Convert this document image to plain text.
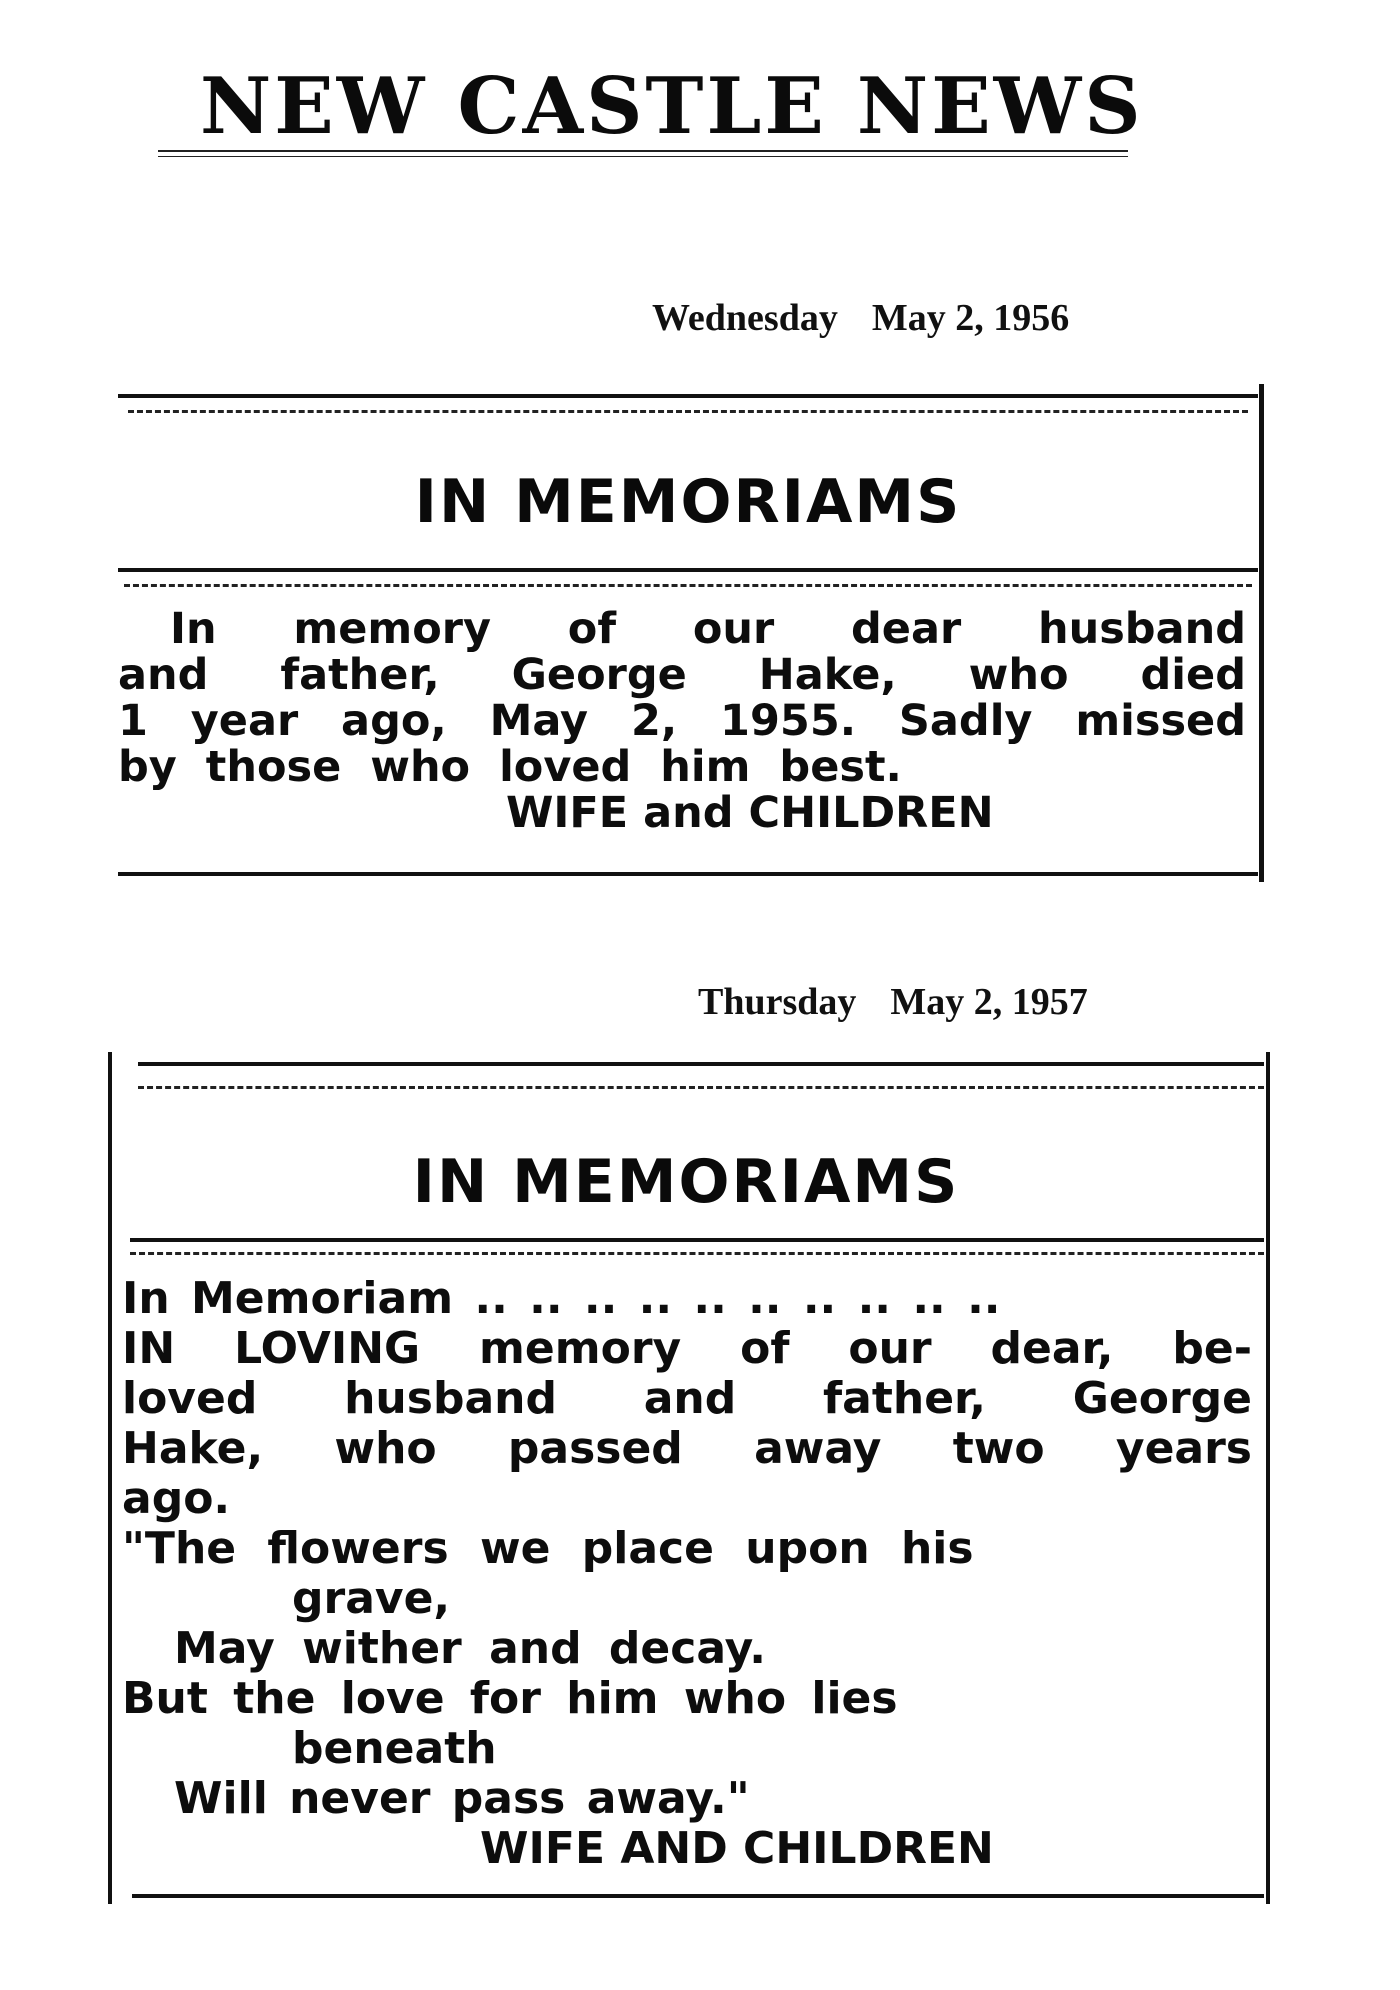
NEW CASTLE NEWS
Wednesday May 2, 1956
IN MEMORIAMS
In memory of our dear husband
and father, George Hake, who died
1 year ago, May 2, 1955. Sadly missed
by those who loved him best.
WIFE and CHILDREN
Thursday May 2, 1957
IN MEMORIAMS
In Memoriam .. .. .. .. .. .. .. .. .. ..
IN LOVING memory of our dear, be-
loved husband and father, George
Hake, who passed away two years
ago.
"The flowers we place upon his
grave,
May wither and decay.
But the love for him who lies
beneath
Will never pass away."
WIFE AND CHILDREN
